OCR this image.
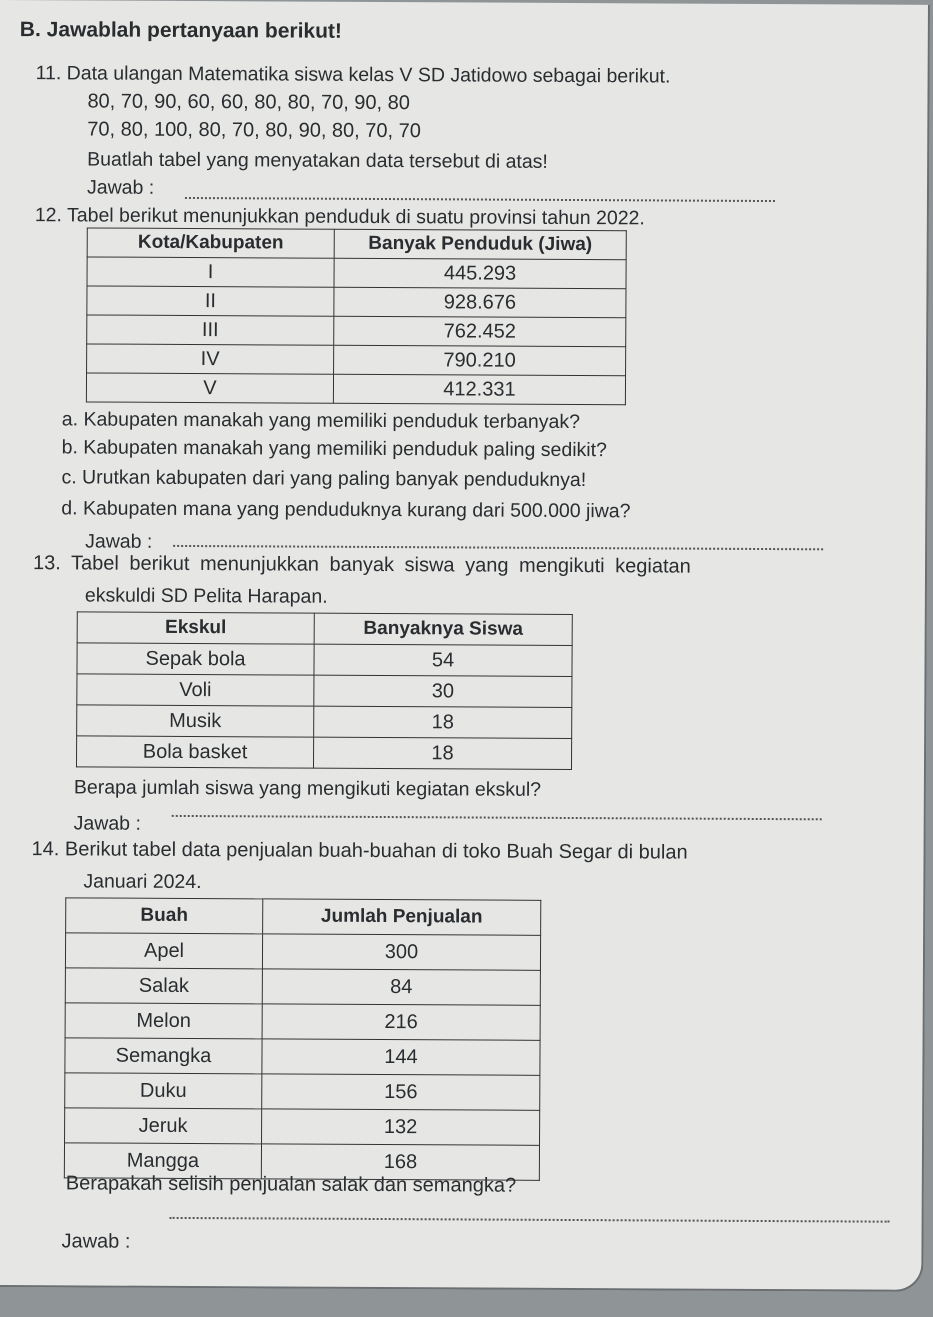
B. Jawablah pertanyaan berikut!
11. Data ulangan Matematika siswa kelas V SD Jatidowo sebagai berikut.
80, 70, 90, 60, 60, 80, 80, 70, 90, 80
70, 80, 100, 80, 70, 80, 90, 80, 70, 70
Buatlah tabel yang menyatakan data tersebut di atas!
Jawab :
12. Tabel berikut menunjukkan penduduk di suatu provinsi tahun 2022.
Kota/Kabupaten	Banyak Penduduk (Jiwa)
I	445.293
II	928.676
III	762.452
IV	790.210
V	412.331
a. Kabupaten manakah yang memiliki penduduk terbanyak?
b. Kabupaten manakah yang memiliki penduduk paling sedikit?
c. Urutkan kabupaten dari yang paling banyak penduduknya!
d. Kabupaten mana yang penduduknya kurang dari 500.000 jiwa?
Jawab :
13. Tabel berikut menunjukkan banyak siswa yang mengikuti kegiatan
ekskuldi SD Pelita Harapan.
Ekskul	Banyaknya Siswa
Sepak bola	54
Voli	30
Musik	18
Bola basket	18
Berapa jumlah siswa yang mengikuti kegiatan ekskul?
Jawab :
14. Berikut tabel data penjualan buah-buahan di toko Buah Segar di bulan
Januari 2024.
Buah	Jumlah Penjualan
Apel	300
Salak	84
Melon	216
Semangka	144
Duku	156
Jeruk	132
Mangga	168
Berapakah selisih penjualan salak dan semangka?
Jawab :
